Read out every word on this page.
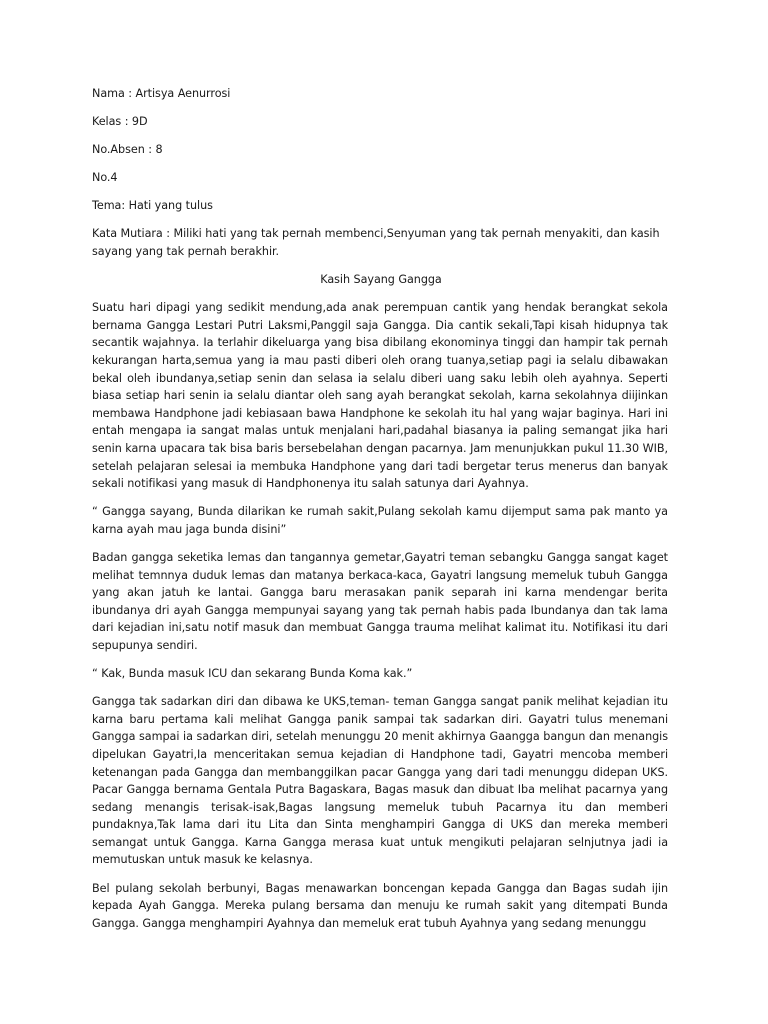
Nama : Artisya Aenurrosi

Kelas : 9D

No.Absen : 8

No.4

Tema: Hati yang tulus

Kata Mutiara : Miliki hati yang tak pernah membenci,Senyuman yang tak pernah menyakiti, dan kasih sayang yang tak pernah berakhir.

Kasih Sayang Gangga

Suatu hari dipagi yang sedikit mendung,ada anak perempuan cantik yang hendak berangkat sekola bernama Gangga Lestari Putri Laksmi,Panggil saja Gangga. Dia cantik sekali,Tapi kisah hidupnya tak secantik wajahnya. Ia terlahir dikeluarga yang bisa dibilang ekonominya tinggi dan hampir tak pernah kekurangan harta,semua yang ia mau pasti diberi oleh orang tuanya,setiap pagi ia selalu dibawakan bekal oleh ibundanya,setiap senin dan selasa ia selalu diberi uang saku lebih oleh ayahnya. Seperti biasa setiap hari senin ia selalu diantar oleh sang ayah berangkat sekolah, karna sekolahnya diijinkan membawa Handphone jadi kebiasaan bawa Handphone ke sekolah itu hal yang wajar baginya. Hari ini entah mengapa ia sangat malas untuk menjalani hari,padahal biasanya ia paling semangat jika hari senin karna upacara tak bisa baris bersebelahan dengan pacarnya. Jam menunjukkan pukul 11.30 WIB, setelah pelajaran selesai ia membuka Handphone yang dari tadi bergetar terus menerus dan banyak sekali notifikasi yang masuk di Handphonenya itu salah satunya dari Ayahnya.

“ Gangga sayang, Bunda dilarikan ke rumah sakit,Pulang sekolah kamu dijemput sama pak manto ya karna ayah mau jaga bunda disini”

Badan gangga seketika lemas dan tangannya gemetar,Gayatri teman sebangku Gangga sangat kaget melihat temnnya duduk lemas dan matanya berkaca-kaca, Gayatri langsung memeluk tubuh Gangga yang akan jatuh ke lantai. Gangga baru merasakan panik separah ini karna mendengar berita ibundanya dri ayah Gangga mempunyai sayang yang tak pernah habis pada Ibundanya dan tak lama dari kejadian ini,satu notif masuk dan membuat Gangga trauma melihat kalimat itu. Notifikasi itu dari sepupunya sendiri.

“ Kak, Bunda masuk ICU dan sekarang Bunda Koma kak.”

Gangga tak sadarkan diri dan dibawa ke UKS,teman- teman Gangga sangat panik melihat kejadian itu karna baru pertama kali melihat Gangga panik sampai tak sadarkan diri. Gayatri tulus menemani Gangga sampai ia sadarkan diri, setelah menunggu 20 menit akhirnya Gaangga bangun dan menangis dipelukan Gayatri,Ia menceritakan semua kejadian di Handphone tadi, Gayatri mencoba memberi ketenangan pada Gangga dan membanggilkan pacar Gangga yang dari tadi menunggu didepan UKS. Pacar Gangga bernama Gentala Putra Bagaskara, Bagas masuk dan dibuat Iba melihat pacarnya yang sedang menangis terisak-isak,Bagas langsung memeluk tubuh Pacarnya itu dan memberi pundaknya,Tak lama dari itu Lita dan Sinta menghampiri Gangga di UKS dan mereka memberi semangat untuk Gangga. Karna Gangga merasa kuat untuk mengikuti pelajaran selnjutnya jadi ia memutuskan untuk masuk ke kelasnya.

Bel pulang sekolah berbunyi, Bagas menawarkan boncengan kepada Gangga dan Bagas sudah ijin kepada Ayah Gangga. Mereka pulang bersama dan menuju ke rumah sakit yang ditempati Bunda Gangga. Gangga menghampiri Ayahnya dan memeluk erat tubuh Ayahnya yang sedang menunggu
